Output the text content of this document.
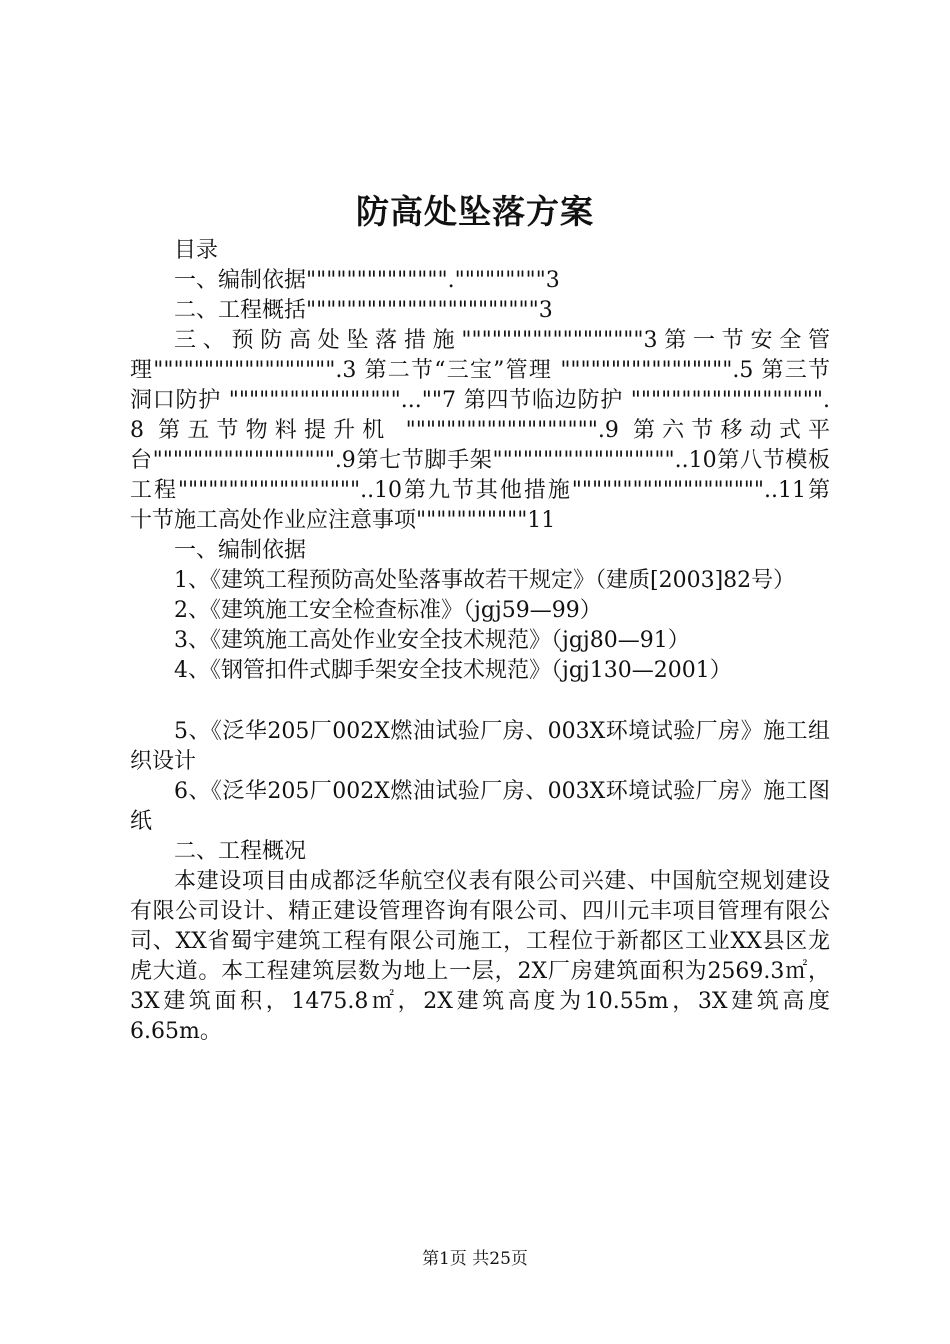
防高处坠落方案

目录

一、编制依据""""""""""""""."""""""""3

二、工程概括"""""""""""""""""""""""3

三、预防高处坠落措施""""""""""""""""""3第一节安全管理"""""""""""""""""".3 第二节“三宝”管理 """"""""""""""""".5 第三节洞口防护 """""""""""""""""...""7 第四节临边防护 """"""""""""""""""".8 第五节物料提升机 """"""""""""""""""".9 第六节移动式平台"""""""""""""""""".9第七节脚手架""""""""""""""""""..10第八节模板工程""""""""""""""""""..10第九节其他措施"""""""""""""""""""..11第十节施工高处作业应注意事项"""""""""""11

一、编制依据

1、《建筑工程预防高处坠落事故若干规定》（建质[2003]82号）

2、《建筑施工安全检查标准》（jgj59—99）

3、《建筑施工高处作业安全技术规范》（jgj80—91）

4、《钢管扣件式脚手架安全技术规范》（jgj130—2001）

5、《泛华205厂002X燃油试验厂房、003X环境试验厂房》施工组织设计

6、《泛华205厂002X燃油试验厂房、003X环境试验厂房》施工图纸

二、工程概况

本建设项目由成都泛华航空仪表有限公司兴建、中国航空规划建设有限公司设计、精正建设管理咨询有限公司、四川元丰项目管理有限公司、XX省蜀宇建筑工程有限公司施工，工程位于新都区工业XX县区龙虎大道。本工程建筑层数为地上一层，2X厂房建筑面积为2569.3㎡，3X建筑面积，1475.8㎡，2X建筑高度为10.55m，3X建筑高度6.65m。

第1页 共25页
